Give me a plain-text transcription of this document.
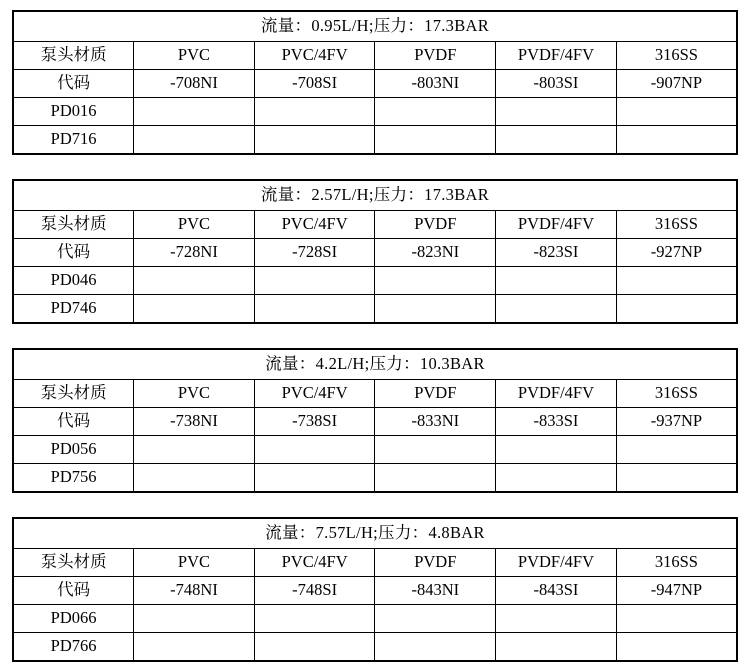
流量：0.95L/H;压力：17.3BAR					
泵头材质	PVC	PVC/4FV	PVDF	PVDF/4FV	316SS
代码	-708NI	-708SI	-803NI	-803SI	-907NP
PD016					
PD716					
流量：2.57L/H;压力：17.3BAR					
泵头材质	PVC	PVC/4FV	PVDF	PVDF/4FV	316SS
代码	-728NI	-728SI	-823NI	-823SI	-927NP
PD046					
PD746					
流量：4.2L/H;压力：10.3BAR					
泵头材质	PVC	PVC/4FV	PVDF	PVDF/4FV	316SS
代码	-738NI	-738SI	-833NI	-833SI	-937NP
PD056					
PD756					
流量：7.57L/H;压力：4.8BAR					
泵头材质	PVC	PVC/4FV	PVDF	PVDF/4FV	316SS
代码	-748NI	-748SI	-843NI	-843SI	-947NP
PD066					
PD766					
